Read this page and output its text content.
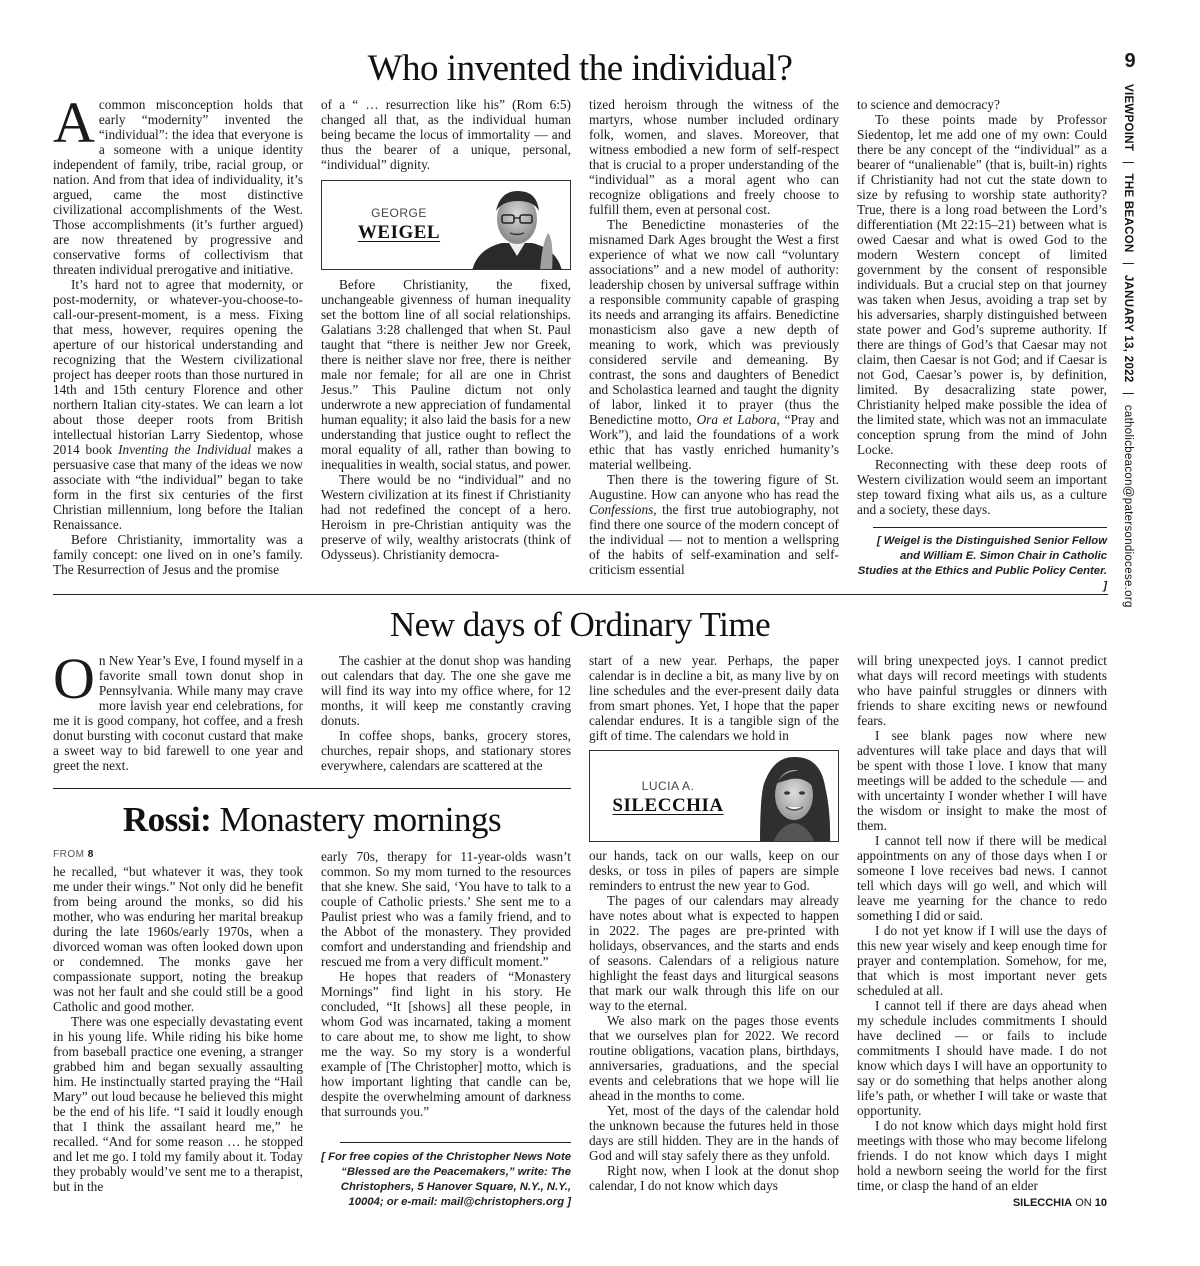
Who invented the individual?

Acommon misconception holds that early “modernity” invented the “individual”: the idea that everyone is a someone with a unique identity independent of family, tribe, racial group, or nation. And from that idea of individuality, it’s argued, came the most distinctive civilizational accomplishments of the West. Those accomplishments (it’s further argued) are now threatened by progressive and conservative forms of collectivism that threaten individual prerogative and initiative.

It’s hard not to agree that modernity, or post-modernity, or whatever-you-choose-to-call-our-present-moment, is a mess. Fixing that mess, however, requires opening the aperture of our historical understanding and recognizing that the Western civilizational project has deeper roots than those nurtured in 14th and 15th century Florence and other northern Italian city-states. We can learn a lot about those deeper roots from British intellectual historian Larry Siedentop, whose 2014 book Inventing the Individual makes a persuasive case that many of the ideas we now associate with “the individual” began to take form in the first six centuries of the first Christian millennium, long before the Italian Renaissance.

Before Christianity, immortality was a family concept: one lived on in one’s family. The Resurrection of Jesus and the promise

of a “ … resurrection like his” (Rom 6:5) changed all that, as the individual human being became the locus of immortality — and thus the bearer of a unique, personal, “individual” dignity.

GEORGE
WEIGEL

Before Christianity, the fixed, unchangeable givenness of human inequality set the bottom line of all social relationships. Galatians 3:28 challenged that when St. Paul taught that “there is neither Jew nor Greek, there is neither slave nor free, there is neither male nor female; for all are one in Christ Jesus.” This Pauline dictum not only underwrote a new appreciation of fundamental human equality; it also laid the basis for a new understanding that justice ought to reflect the moral equality of all, rather than bowing to inequalities in wealth, social status, and power.

There would be no “individual” and no Western civilization at its finest if Christianity had not redefined the concept of a hero. Heroism in pre-Christian antiquity was the preserve of wily, wealthy aristocrats (think of Odysseus). Christianity democra-

tized heroism through the witness of the martyrs, whose number included ordinary folk, women, and slaves. Moreover, that witness embodied a new form of self-respect that is crucial to a proper understanding of the “individual” as a moral agent who can recognize obligations and freely choose to fulfill them, even at personal cost.

The Benedictine monasteries of the misnamed Dark Ages brought the West a first experience of what we now call “voluntary associations” and a new model of authority: leadership chosen by universal suffrage within a responsible community capable of grasping its needs and arranging its affairs. Benedictine monasticism also gave a new depth of meaning to work, which was previously considered servile and demeaning. By contrast, the sons and daughters of Benedict and Scholastica learned and taught the dignity of labor, linked it to prayer (thus the Benedictine motto, Ora et Labora, “Pray and Work”), and laid the foundations of a work ethic that has vastly enriched humanity’s material wellbeing.

Then there is the towering figure of St. Augustine. How can anyone who has read the Confessions, the first true autobiography, not find there one source of the modern concept of the individual — not to mention a wellspring of the habits of self-examination and self-criticism essential

to science and democracy?

To these points made by Professor Siedentop, let me add one of my own: Could there be any concept of the “individual” as a bearer of “unalienable” (that is, built-in) rights if Christianity had not cut the state down to size by refusing to worship state authority? True, there is a long road between the Lord’s differentiation (Mt 22:15–21) between what is owed Caesar and what is owed God to the modern Western concept of limited government by the consent of responsible individuals. But a crucial step on that journey was taken when Jesus, avoiding a trap set by his adversaries, sharply distinguished between state power and God’s supreme authority. If there are things of God’s that Caesar may not claim, then Caesar is not God; and if Caesar is not God, Caesar’s power is, by definition, limited. By desacralizing state power, Christianity helped make possible the idea of the limited state, which was not an immaculate conception sprung from the mind of John Locke.

Reconnecting with these deep roots of Western civilization would seem an important step toward fixing what ails us, as a culture and a society, these days.

[ Weigel is the Distinguished Senior Fellow and William E. Simon Chair in Catholic Studies at the Ethics and Public Policy Center. ]
New days of Ordinary Time

On New Year’s Eve, I found myself in a favorite small town donut shop in Pennsylvania. While many may crave more lavish year end celebrations, for me it is good company, hot coffee, and a fresh donut bursting with coconut custard that make a sweet way to bid farewell to one year and greet the next.

The cashier at the donut shop was handing out calendars that day. The one she gave me will find its way into my office where, for 12 months, it will keep me constantly craving donuts.

In coffee shops, banks, grocery stores, churches, repair shops, and stationary stores everywhere, calendars are scattered at the

start of a new year. Perhaps, the paper calendar is in decline a bit, as many live by on line schedules and the ever-present daily data from smart phones. Yet, I hope that the paper calendar endures. It is a tangible sign of the gift of time. The calendars we hold in

LUCIA A.
SILECCHIA

our hands, tack on our walls, keep on our desks, or toss in piles of papers are simple reminders to entrust the new year to God.

The pages of our calendars may already have notes about what is expected to happen in 2022. The pages are pre-printed with holidays, observances, and the starts and ends of seasons. Calendars of a religious nature highlight the feast days and liturgical seasons that mark our walk through this life on our way to the eternal.

We also mark on the pages those events that we ourselves plan for 2022. We record routine obligations, vacation plans, birthdays, anniversaries, graduations, and the special events and celebrations that we hope will lie ahead in the months to come.

Yet, most of the days of the calendar hold the unknown because the futures held in those days are still hidden. They are in the hands of God and will stay safely there as they unfold.

Right now, when I look at the donut shop calendar, I do not know which days

will bring unexpected joys. I cannot predict what days will record meetings with students who have painful struggles or dinners with friends to share exciting news or newfound fears.

I see blank pages now where new adventures will take place and days that will be spent with those I love. I know that many meetings will be added to the schedule — and with uncertainty I wonder whether I will have the wisdom or insight to make the most of them.

I cannot tell now if there will be medical appointments on any of those days when I or someone I love receives bad news. I cannot tell which days will go well, and which will leave me yearning for the chance to redo something I did or said.

I do not yet know if I will use the days of this new year wisely and keep enough time for prayer and contemplation. Somehow, for me, that which is most important never gets scheduled at all.

I cannot tell if there are days ahead when my schedule includes commitments I should have declined — or fails to include commitments I should have made. I do not know which days I will have an opportunity to say or do something that helps another along life’s path, or whether I will take or waste that opportunity.

I do not know which days might hold first meetings with those who may become lifelong friends. I do not know which days I might hold a newborn seeing the world for the first time, or clasp the hand of an elder

SILECCHIA ON 10
Rossi: Monastery mornings
FROM 8

he recalled, “but whatever it was, they took me under their wings.” Not only did he benefit from being around the monks, so did his mother, who was enduring her marital breakup during the late 1960s/early 1970s, when a divorced woman was often looked down upon or condemned. The monks gave her compassionate support, noting the breakup was not her fault and she could still be a good Catholic and good mother.

There was one especially devastating event in his young life. While riding his bike home from baseball practice one evening, a stranger grabbed him and began sexually assaulting him. He instinctually started praying the “Hail Mary” out loud because he believed this might be the end of his life. “I said it loudly enough that I think the assailant heard me,” he recalled. “And for some reason … he stopped and let me go. I told my family about it. Today they probably would’ve sent me to a therapist, but in the

early 70s, therapy for 11-year-olds wasn’t common. So my mom turned to the resources that she knew. She said, ‘You have to talk to a couple of Catholic priests.’ She sent me to a Paulist priest who was a family friend, and to the Abbot of the monastery. They provided comfort and understanding and friendship and rescued me from a very difficult moment.”

He hopes that readers of “Monastery Mornings” find light in his story. He concluded, “It [shows] all these people, in whom God was incarnated, taking a moment to care about me, to show me light, to show me the way. So my story is a wonderful example of [The Christopher] motto, which is how important lighting that candle can be, despite the overwhelming amount of darkness that surrounds you.”

[ For free copies of the Christopher News Note “Blessed are the Peacemakers,” write: The Christophers, 5 Hanover Square, N.Y., N.Y., 10004; or e-mail: mail@christophers.org ]
9
VIEWPOINT | THE BEACON | JANUARY 13, 2022 | catholicbeacon@patersondiocese.org
